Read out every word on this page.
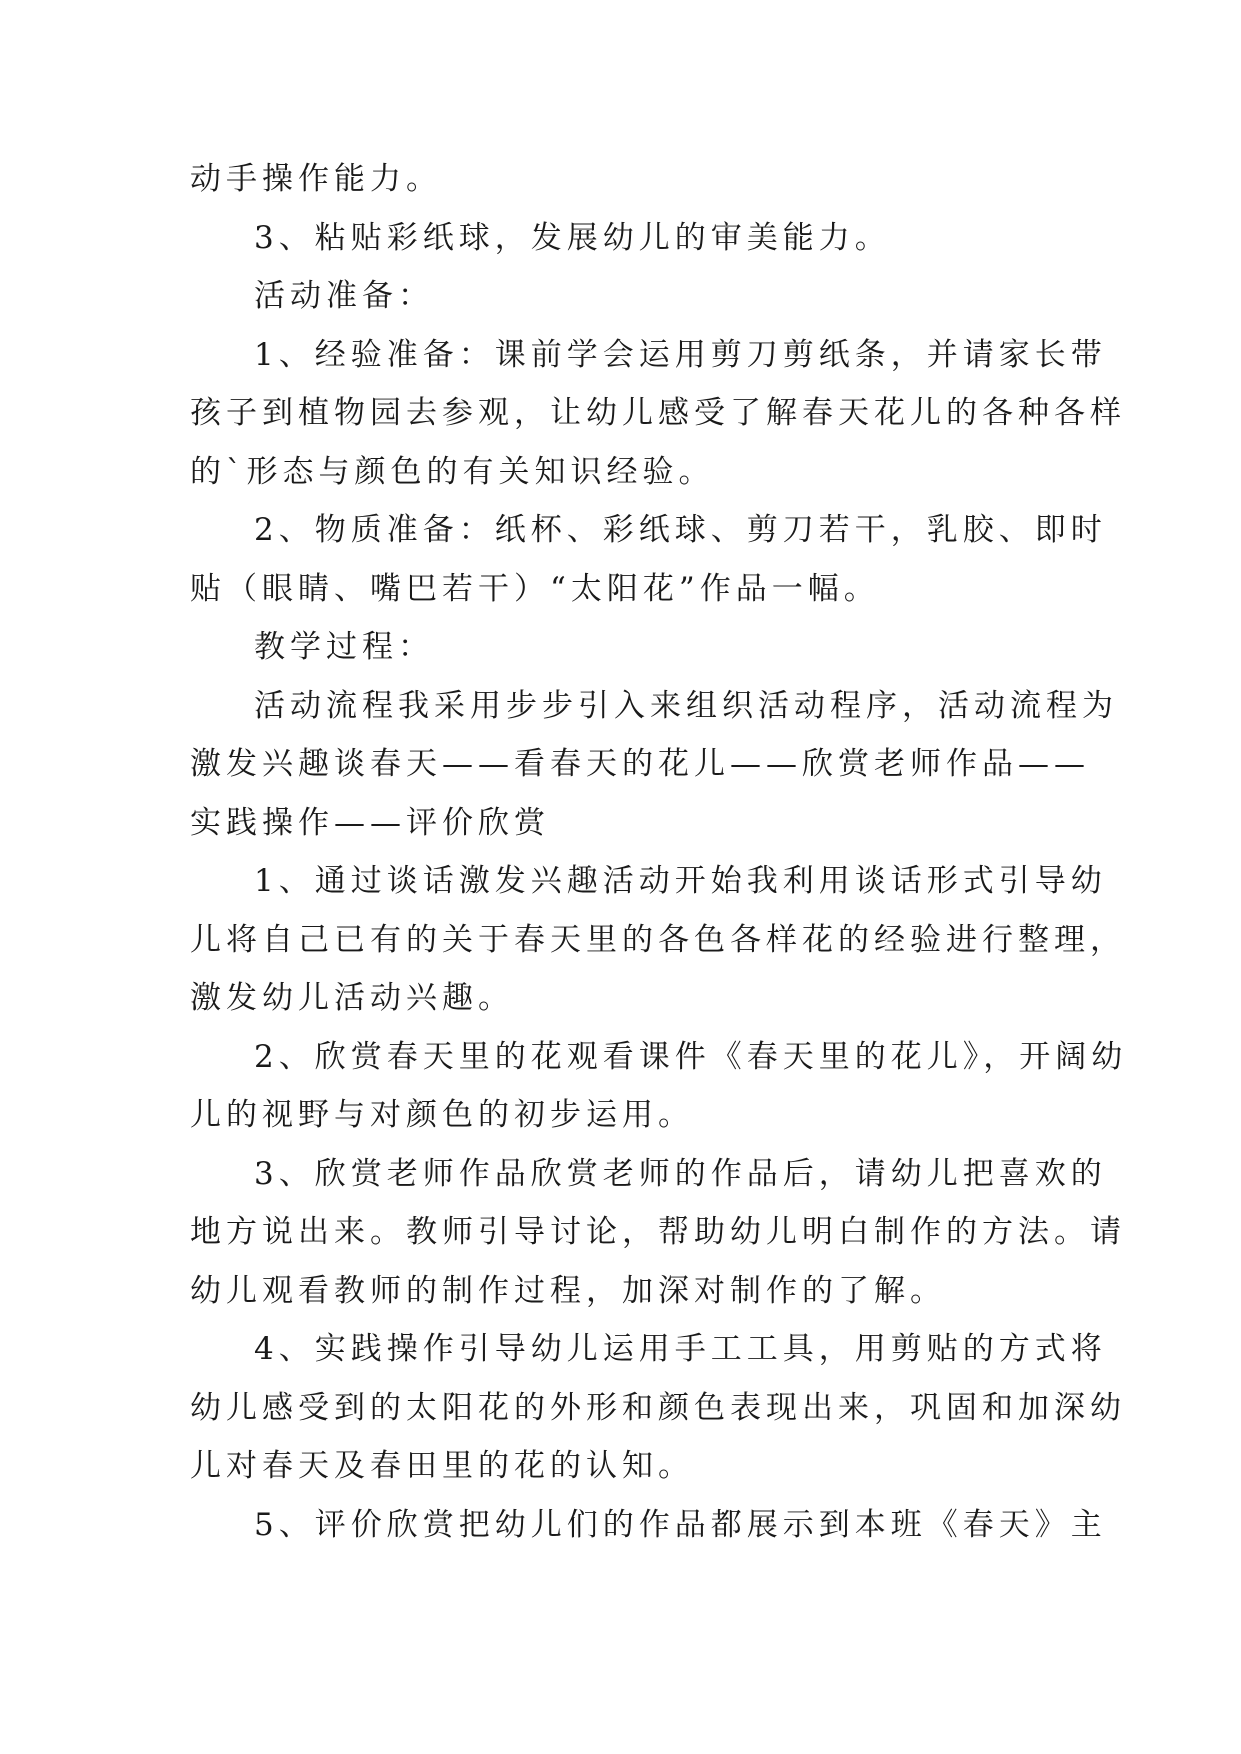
动手操作能力。
3、粘贴彩纸球，发展幼儿的审美能力。
活动准备：
1、经验准备：课前学会运用剪刀剪纸条，并请家长带
孩子到植物园去参观，让幼儿感受了解春天花儿的各种各样
的`形态与颜色的有关知识经验。
2、物质准备：纸杯、彩纸球、剪刀若干，乳胶、即时
贴（眼睛、嘴巴若干）“太阳花”作品一幅。
教学过程：
活动流程我采用步步引入来组织活动程序，活动流程为
激发兴趣谈春天——看春天的花儿——欣赏老师作品——
实践操作——评价欣赏
1、通过谈话激发兴趣活动开始我利用谈话形式引导幼
儿将自己已有的关于春天里的各色各样花的经验进行整理，
激发幼儿活动兴趣。
2、欣赏春天里的花观看课件《春天里的花儿》，开阔幼
儿的视野与对颜色的初步运用。
3、欣赏老师作品欣赏老师的作品后，请幼儿把喜欢的
地方说出来。教师引导讨论，帮助幼儿明白制作的方法。请
幼儿观看教师的制作过程，加深对制作的了解。
4、实践操作引导幼儿运用手工工具，用剪贴的方式将
幼儿感受到的太阳花的外形和颜色表现出来，巩固和加深幼
儿对春天及春田里的花的认知。
5、评价欣赏把幼儿们的作品都展示到本班《春天》主
